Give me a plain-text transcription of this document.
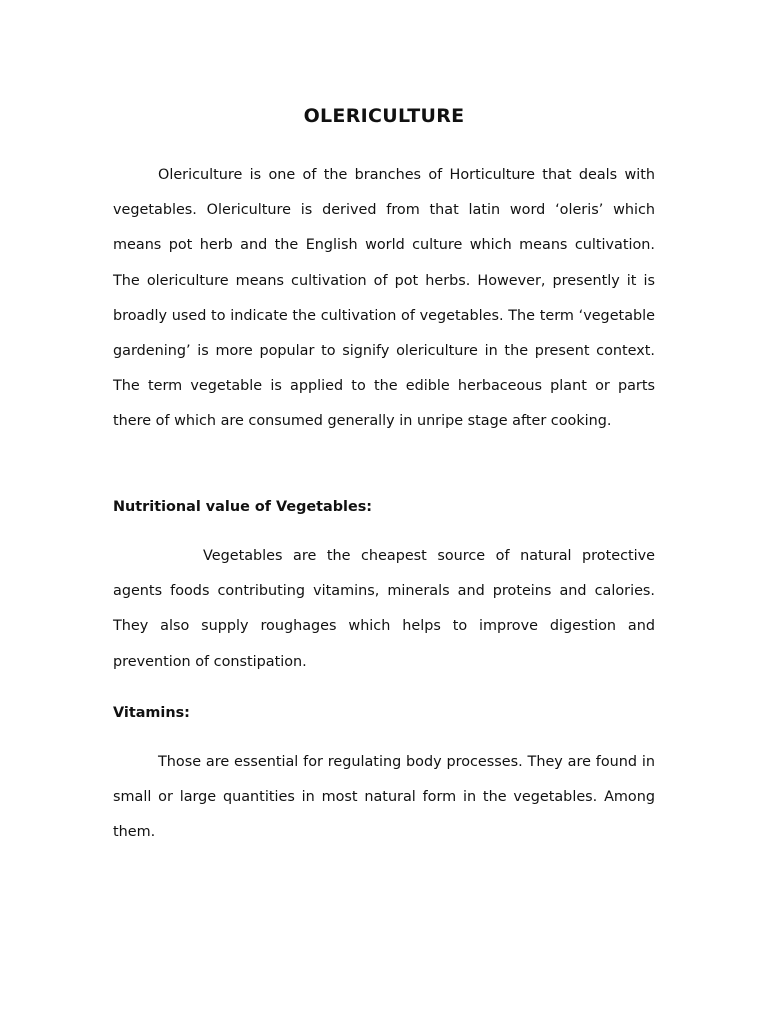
OLERICULTURE

Olericulture is one of the branches of Horticulture that deals with vegetables. Olericulture is derived from that latin word ‘oleris’ which means pot herb and the English world culture which means cultivation. The olericulture means cultivation of pot herbs. However, presently it is broadly used to indicate the cultivation of vegetables. The term ‘vegetable gardening’ is more popular to signify olericulture in the present context. The term vegetable is applied to the edible herbaceous plant or parts there of which are consumed generally in unripe stage after cooking.

Nutritional value of Vegetables:

Vegetables are the cheapest source of natural protective agents foods contributing vitamins, minerals and proteins and calories. They also supply roughages which helps to improve digestion and prevention of constipation.

Vitamins:

Those are essential for regulating body processes. They are found in small or large quantities in most natural form in the vegetables. Among them.
